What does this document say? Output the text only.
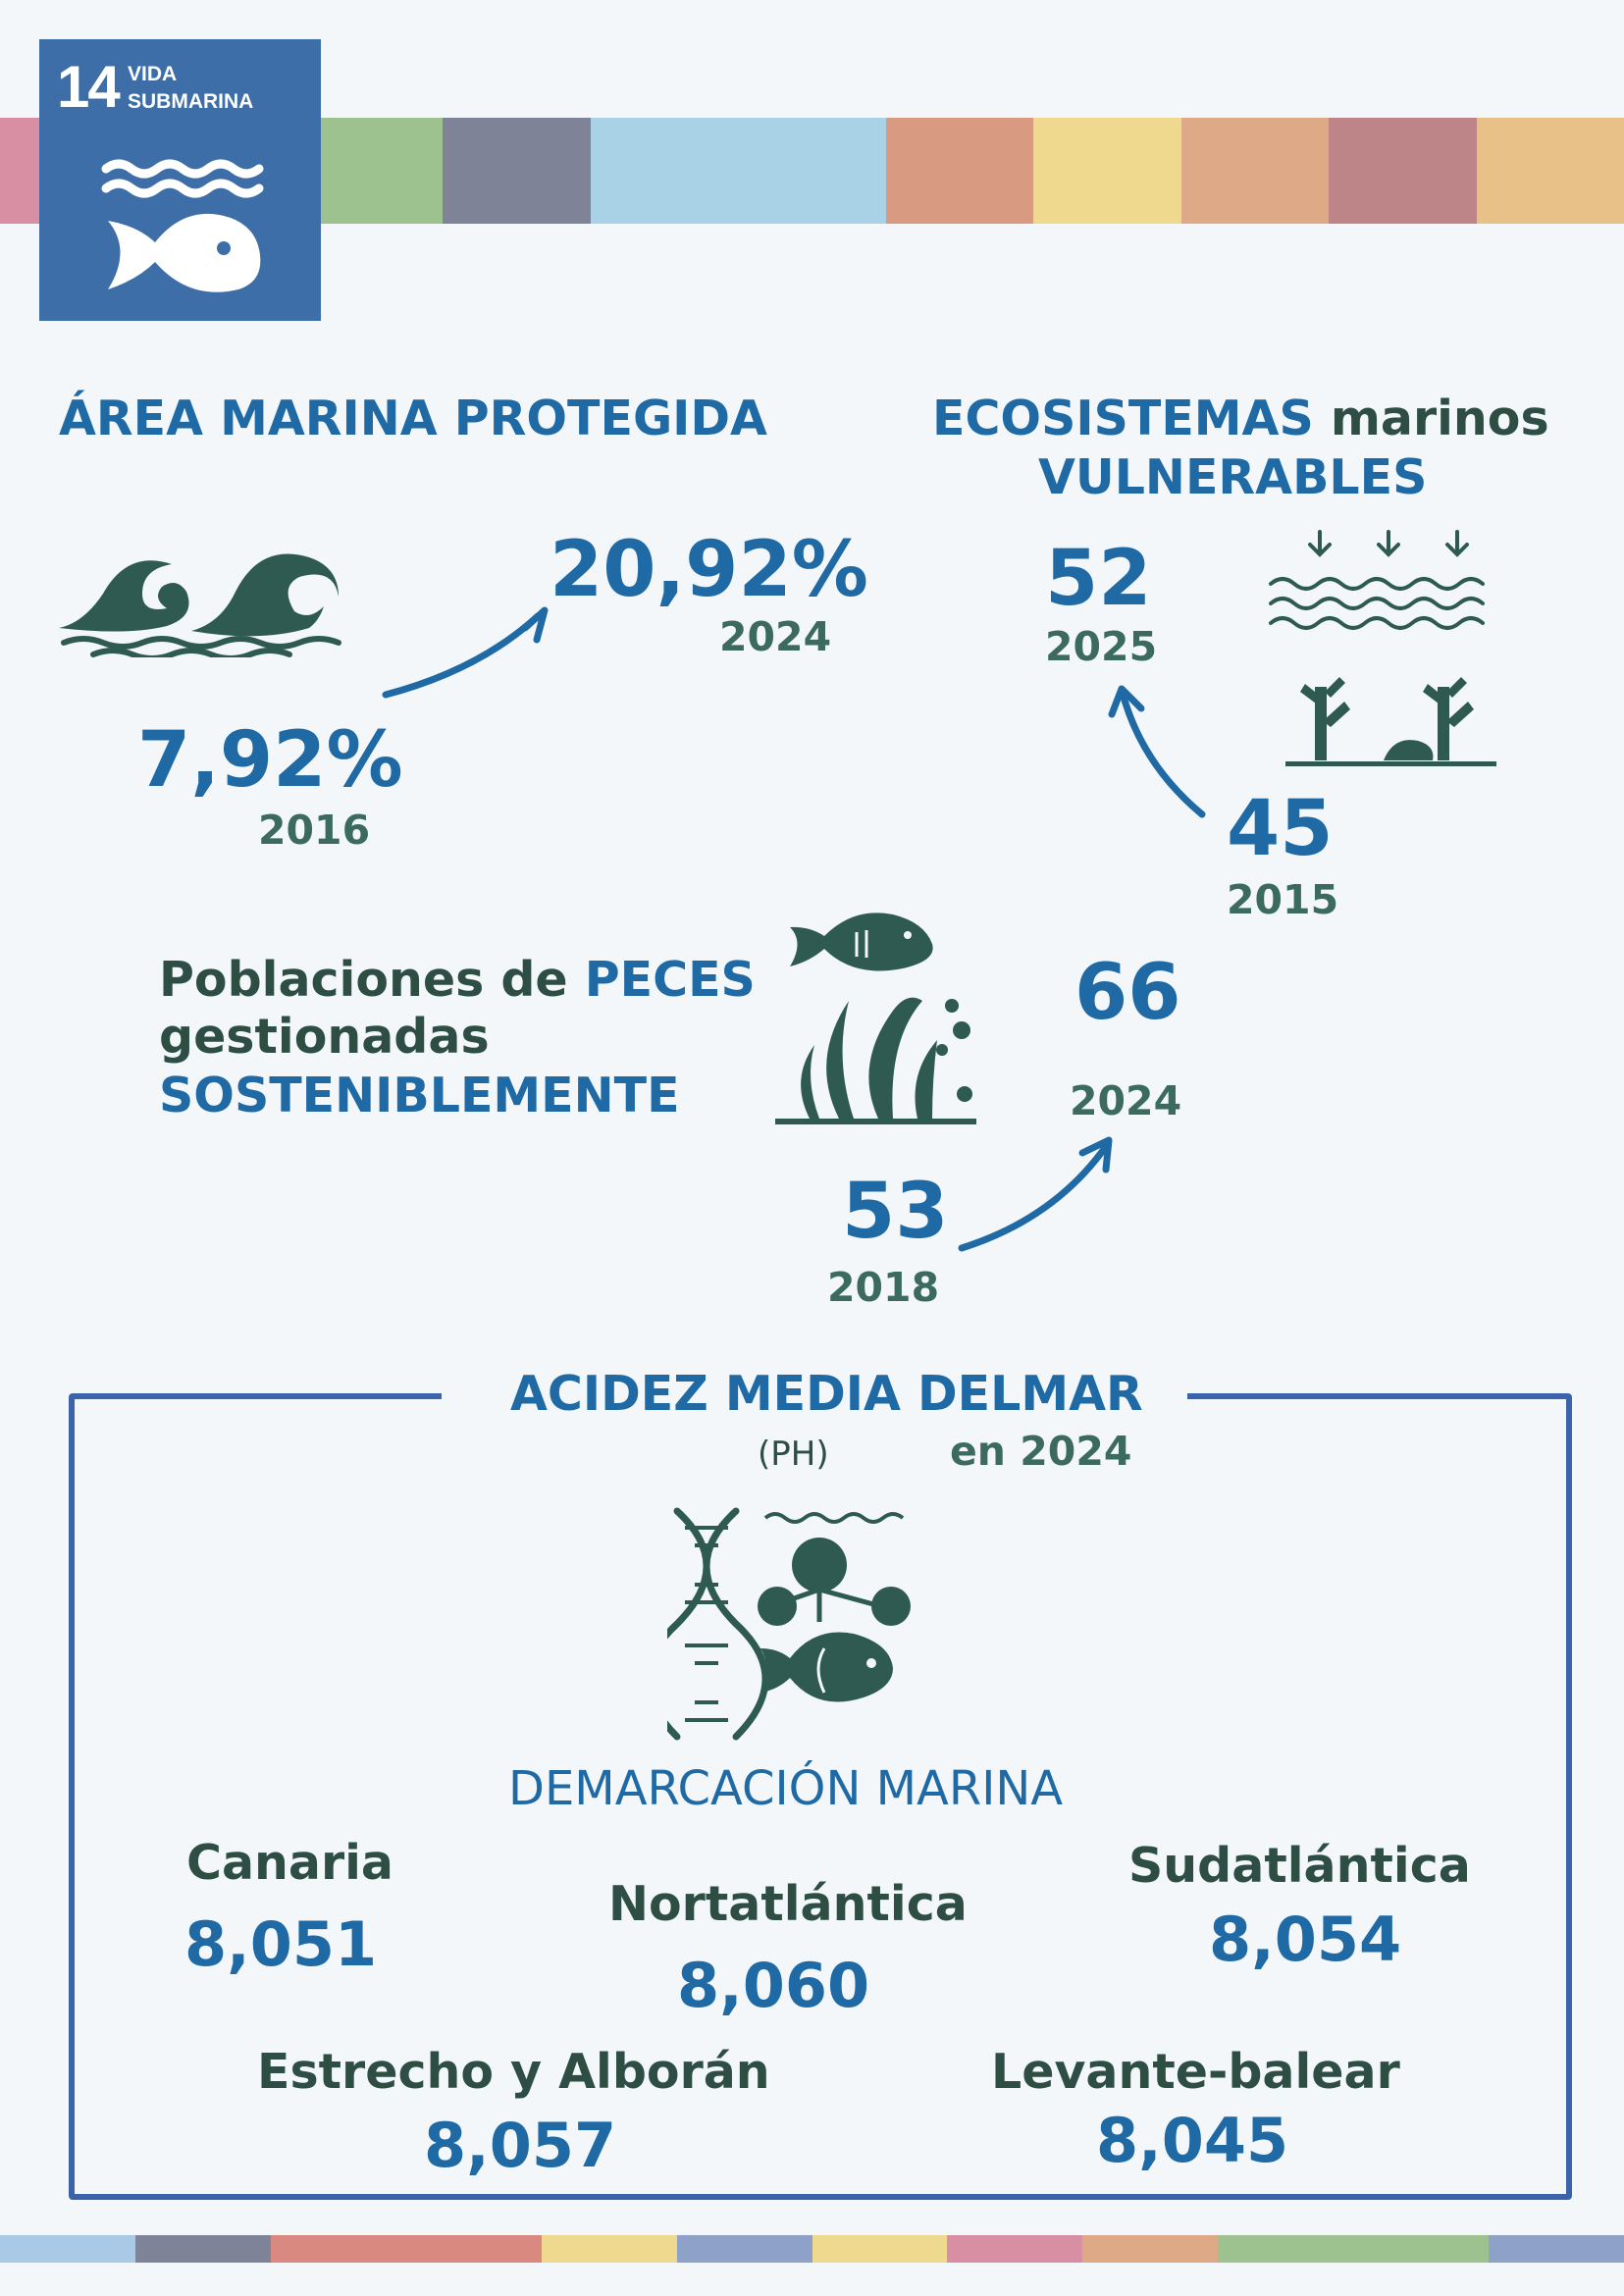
14 VIDA
SUBMARINA
ÁREA MARINA PROTEGIDA
20,92%
2024
7,92%
2016
ECOSISTEMAS marinos
VULNERABLES
52
2025
45
2015
Poblaciones de PECES
gestionadas
SOSTENIBLEMENTE
66
2024
53
2018
ACIDEZ MEDIA DELMAR
(PH)	en 2024
DEMARCACIÓN MARINA
Canaria
8,051
Nortatlántica
8,060
Sudatlántica
8,054
Estrecho y Alborán
8,057
Levante-balear
8,045
